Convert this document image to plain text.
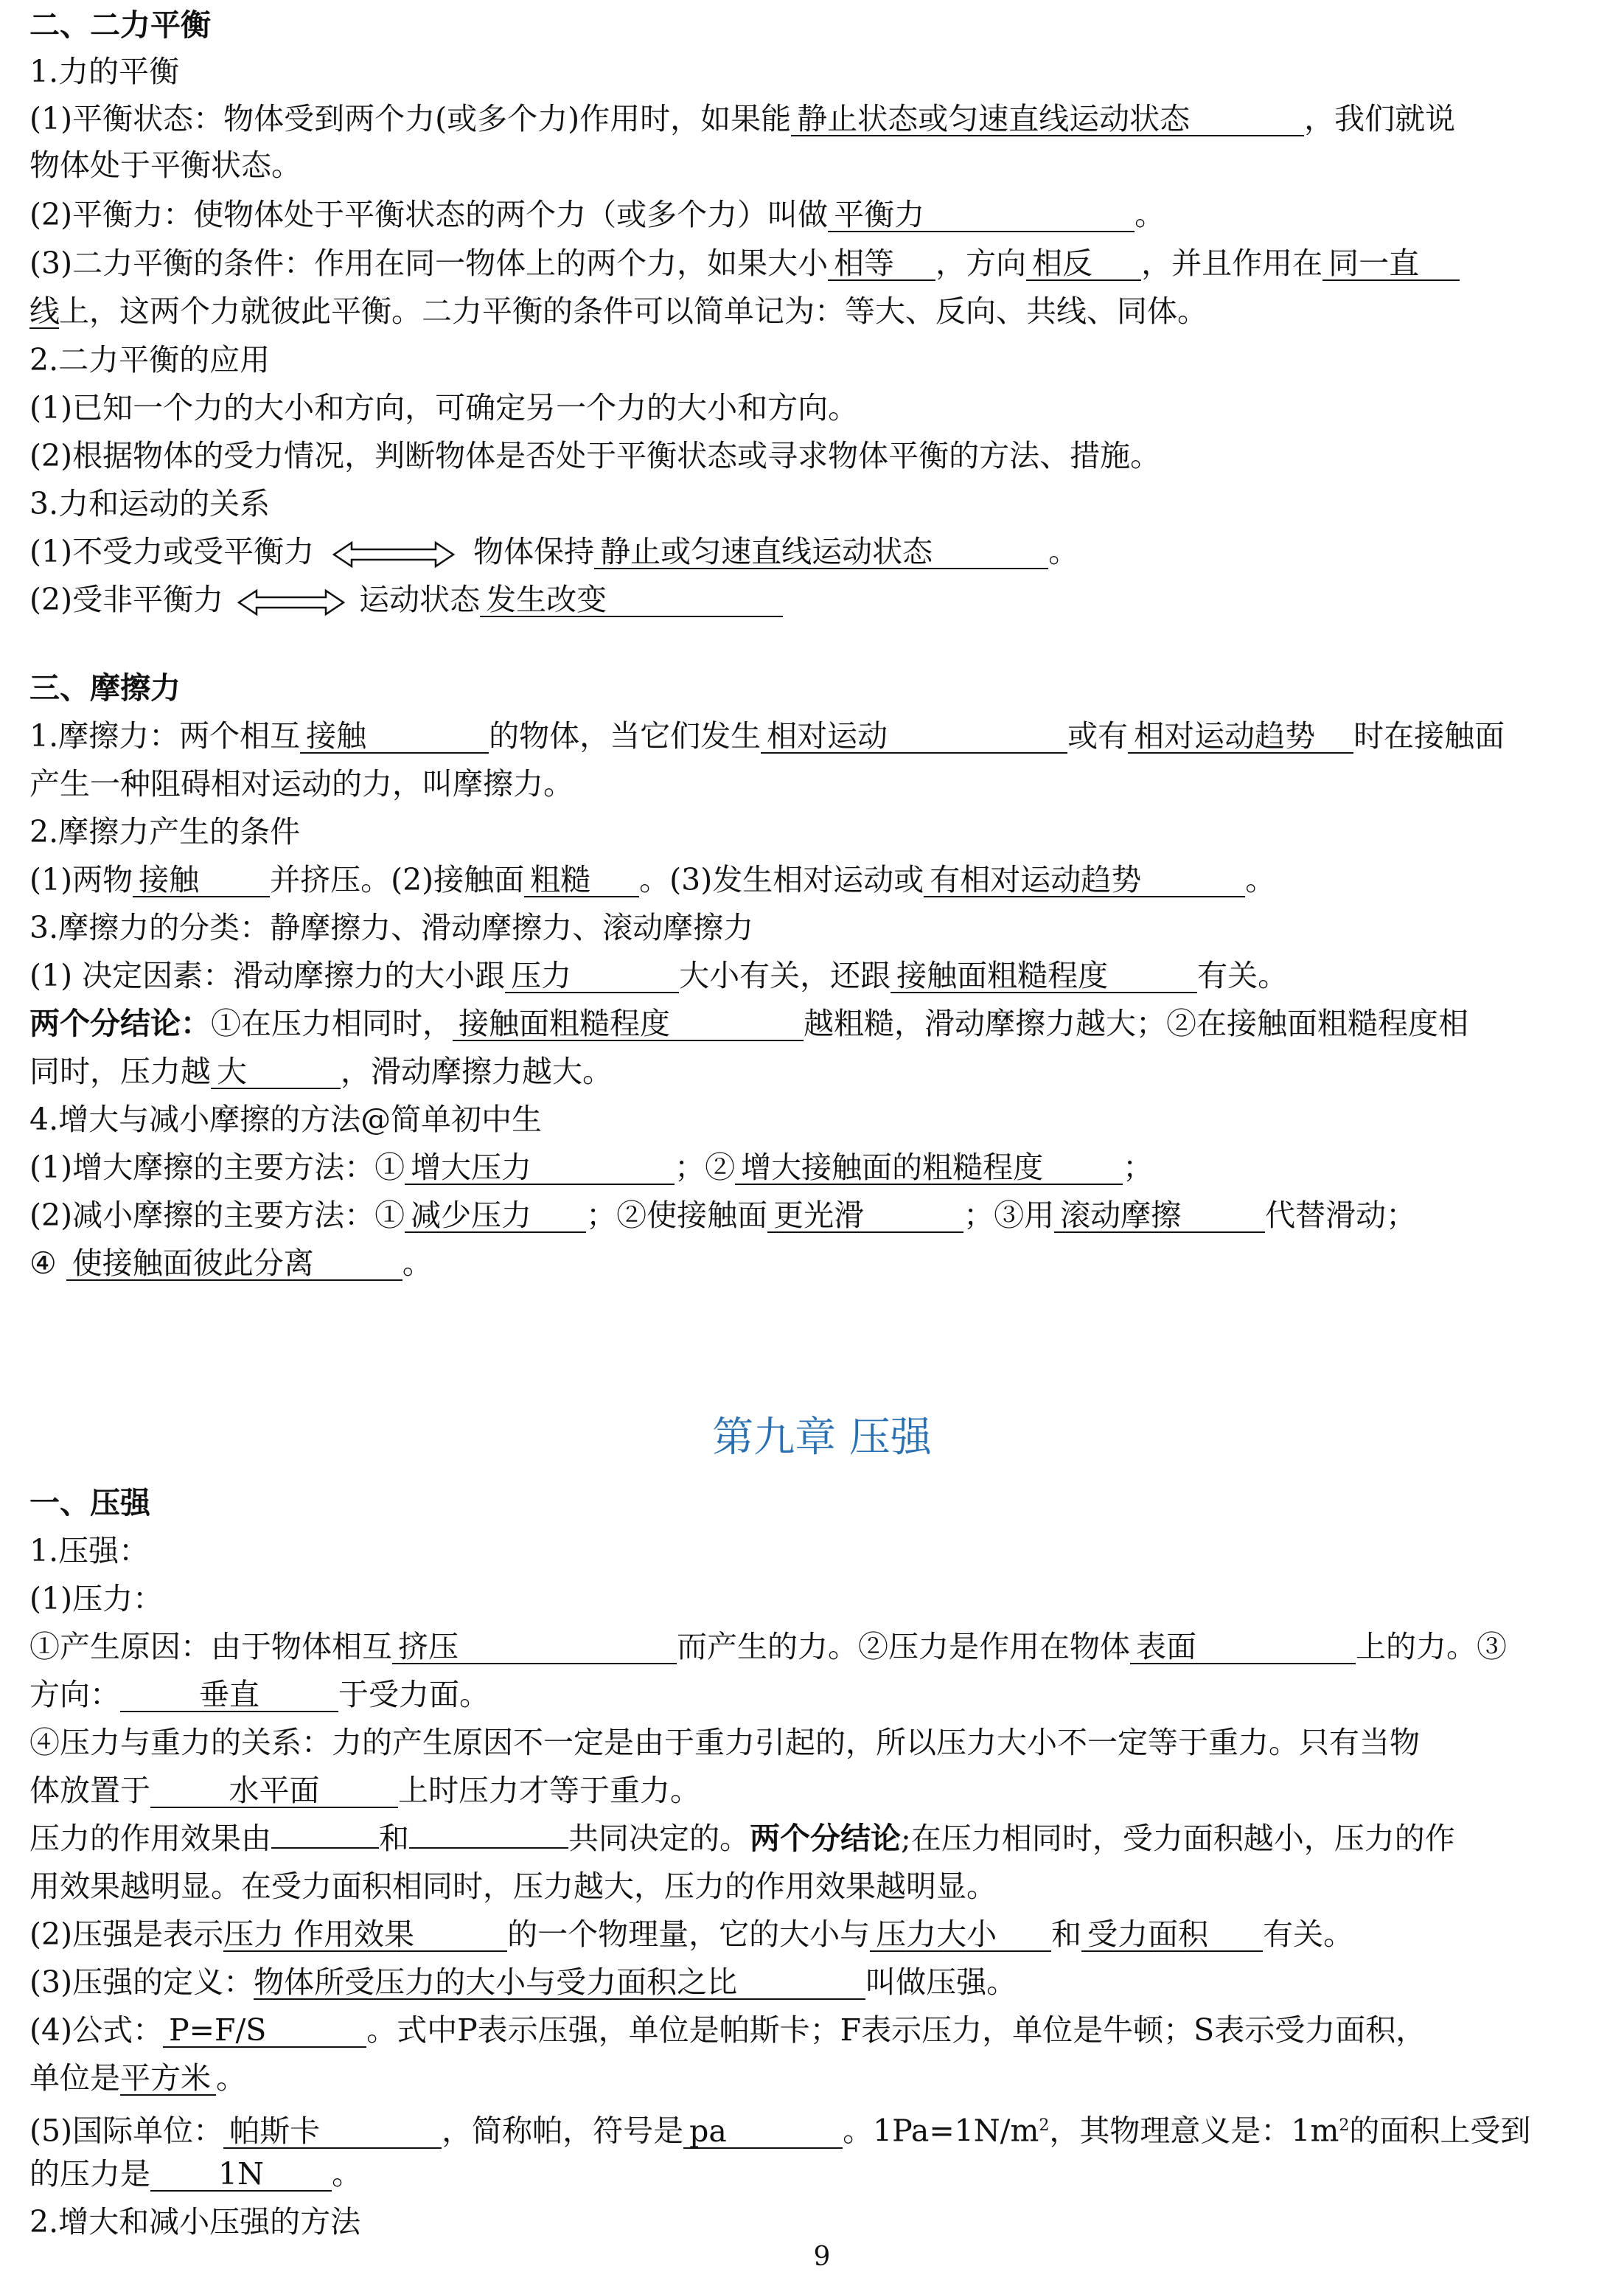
二、二力平衡
1.力的平衡
(1)平衡状态：物体受到两个力(或多个力)作用时，如果能 静止状态或匀速直线运动状态	，我们就说
物体处于平衡状态。
(2)平衡力：使物体处于平衡状态的两个力（或多个力）叫做 平衡力	。
(3)二力平衡的条件：作用在同一物体上的两个力，如果大小 相等 ，方向 相反 ，并且作用在 同一直
线上，这两个力就彼此平衡。二力平衡的条件可以简单记为：等大、反向、共线、同体。
2.二力平衡的应用
(1)已知一个力的大小和方向，可确定另一个力的大小和方向。
(2)根据物体的受力情况，判断物体是否处于平衡状态或寻求物体平衡的方法、措施。
3.力和运动的关系
(1)不受力或受平衡力	物体保持 静止或匀速直线运动状态	。
(2)受非平衡力	运动状态 发生改变
三、摩擦力
1.摩擦力：两个相互 接触	的物体，当它们发生 相对运动	或有 相对运动趋势 时在接触面
产生一种阻碍相对运动的力，叫摩擦力。
2.摩擦力产生的条件
(1)两物 接触 并挤压。(2)接触面 粗糙 。(3)发生相对运动或 有相对运动趋势	。
3.摩擦力的分类：静摩擦力、滑动摩擦力、滚动摩擦力
(1) 决定因素：滑动摩擦力的大小跟 压力	大小有关，还跟 接触面粗糙程度	有关。
两个分结论：①在压力相同时， 接触面粗糙程度	越粗糙，滑动摩擦力越大；②在接触面粗糙程度相
同时，压力越 大	，滑动摩擦力越大。
4.增大与减小摩擦的方法@简单初中生
(1)增大摩擦的主要方法：① 增大压力	；② 增大接触面的粗糙程度	；
(2)减小摩擦的主要方法：① 减少压力 ；②使接触面 更光滑	；③用 滚动摩擦	代替滑动；
④ 使接触面彼此分离	。
第九章 压强
一、压强
1.压强：
(1)压力：
①产生原因：由于物体相互 挤压	而产生的力。②压力是作用在物体 表面	上的力。③
方向：	垂直	于受力面。
④压力与重力的关系：力的产生原因不一定是由于重力引起的，所以压力大小不一定等于重力。只有当物
体放置于	水平面	上时压力才等于重力。
压力的作用效果由	和	共同决定的。两个分结论;在压力相同时，受力面积越小，压力的作
用效果越明显。在受力面积相同时，压力越大，压力的作用效果越明显。
(2)压强是表示压力 作用效果	的一个物理量，它的大小与 压力大小 和 受力面积 有关。
(3)压强的定义：物体所受压力的大小与受力面积之比	叫做压强。
(4)公式： P=F/S	。式中P表示压强，单位是帕斯卡；F表示压力，单位是牛顿；S表示受力面积，
单位是平方米 。
(5)国际单位： 帕斯卡	，简称帕，符号是 pa	。$1Pa=1N/m^2$，其物理意义是：$1m^2$的面积上受到
的压力是 1N 。
2.增大和减小压强的方法
9
